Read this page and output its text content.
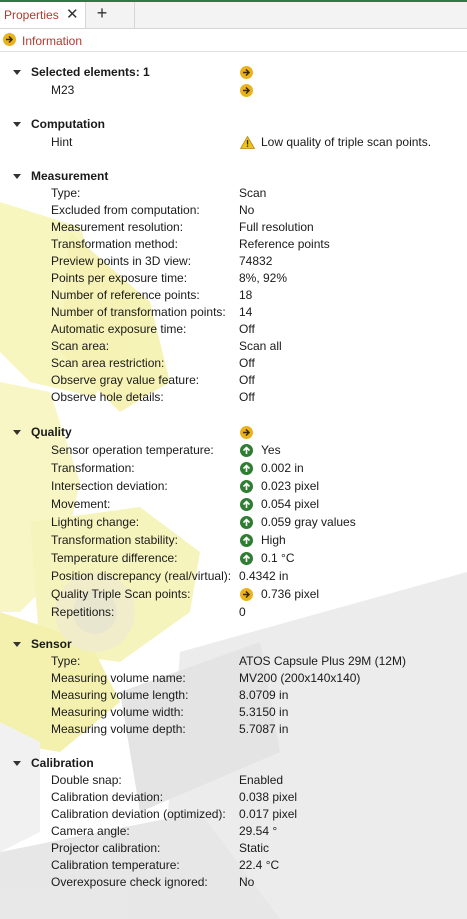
Properties ✕ +
Information
Selected elements: 1
M23
Computation
Hint	Low quality of triple scan points.
Measurement
Type:	Scan
Excluded from computation:	No
Measurement resolution:	Full resolution
Transformation method:	Reference points
Preview points in 3D view:	74832
Points per exposure time:	8%, 92%
Number of reference points:	18
Number of transformation points: 14
Automatic exposure time:	Off
Scan area:	Scan all
Scan area restriction:	Off
Observe gray value feature:	Off
Observe hole details:	Off
Quality
Sensor operation temperature:	Yes
Transformation:	0.002 in
Intersection deviation:	0.023 pixel
Movement:	0.054 pixel
Lighting change:	0.059 gray values
Transformation stability:	High
Temperature difference:	0.1 °C
Position discrepancy (real/virtual): 0.4342 in
Quality Triple Scan points:	0.736 pixel
Repetitions:	0
Sensor
Type:	ATOS Capsule Plus 29M (12M)
Measuring volume name:	MV200 (200x140x140)
Measuring volume length:	8.0709 in
Measuring volume width:	5.3150 in
Measuring volume depth:	5.7087 in
Calibration
Double snap:	Enabled
Calibration deviation:	0.038 pixel
Calibration deviation (optimized): 0.017 pixel
Camera angle:	29.54 °
Projector calibration:	Static
Calibration temperature:	22.4 °C
Overexposure check ignored:	No
